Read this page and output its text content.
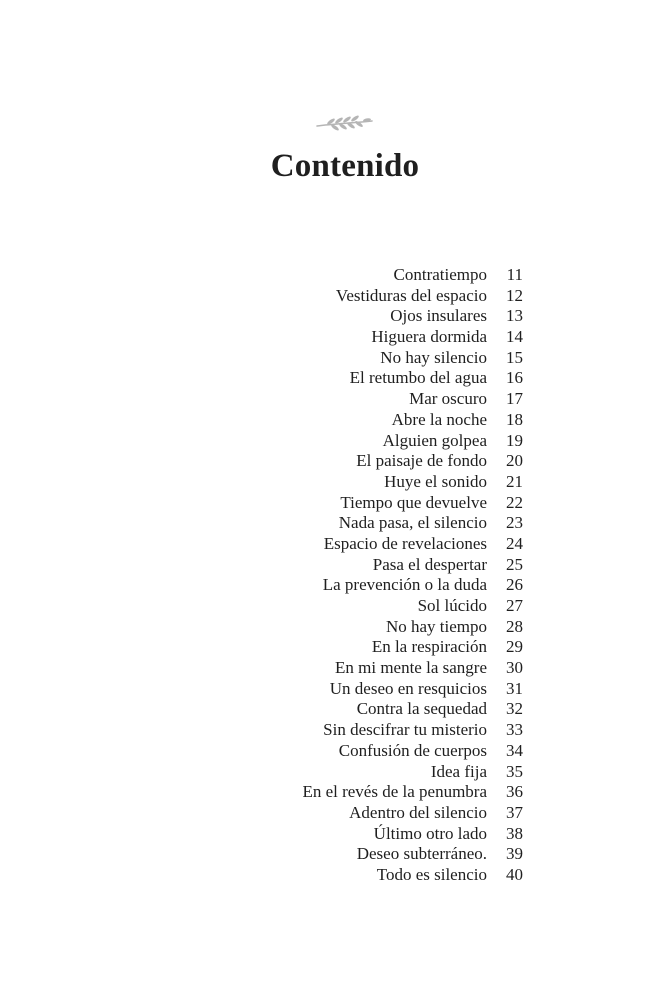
Contenido
Contratiempo	11
Vestiduras del espacio	12
Ojos insulares	13
Higuera dormida	14
No hay silencio	15
El retumbo del agua	16
Mar oscuro	17
Abre la noche	18
Alguien golpea	19
El paisaje de fondo	20
Huye el sonido	21
Tiempo que devuelve	22
Nada pasa, el silencio	23
Espacio de revelaciones	24
Pasa el despertar	25
La prevención o la duda	26
Sol lúcido	27
No hay tiempo	28
En la respiración	29
En mi mente la sangre	30
Un deseo en resquicios	31
Contra la sequedad	32
Sin descifrar tu misterio	33
Confusión de cuerpos	34
Idea fija	35
En el revés de la penumbra	36
Adentro del silencio	37
Último otro lado	38
Deseo subterráneo.	39
Todo es silencio	40
